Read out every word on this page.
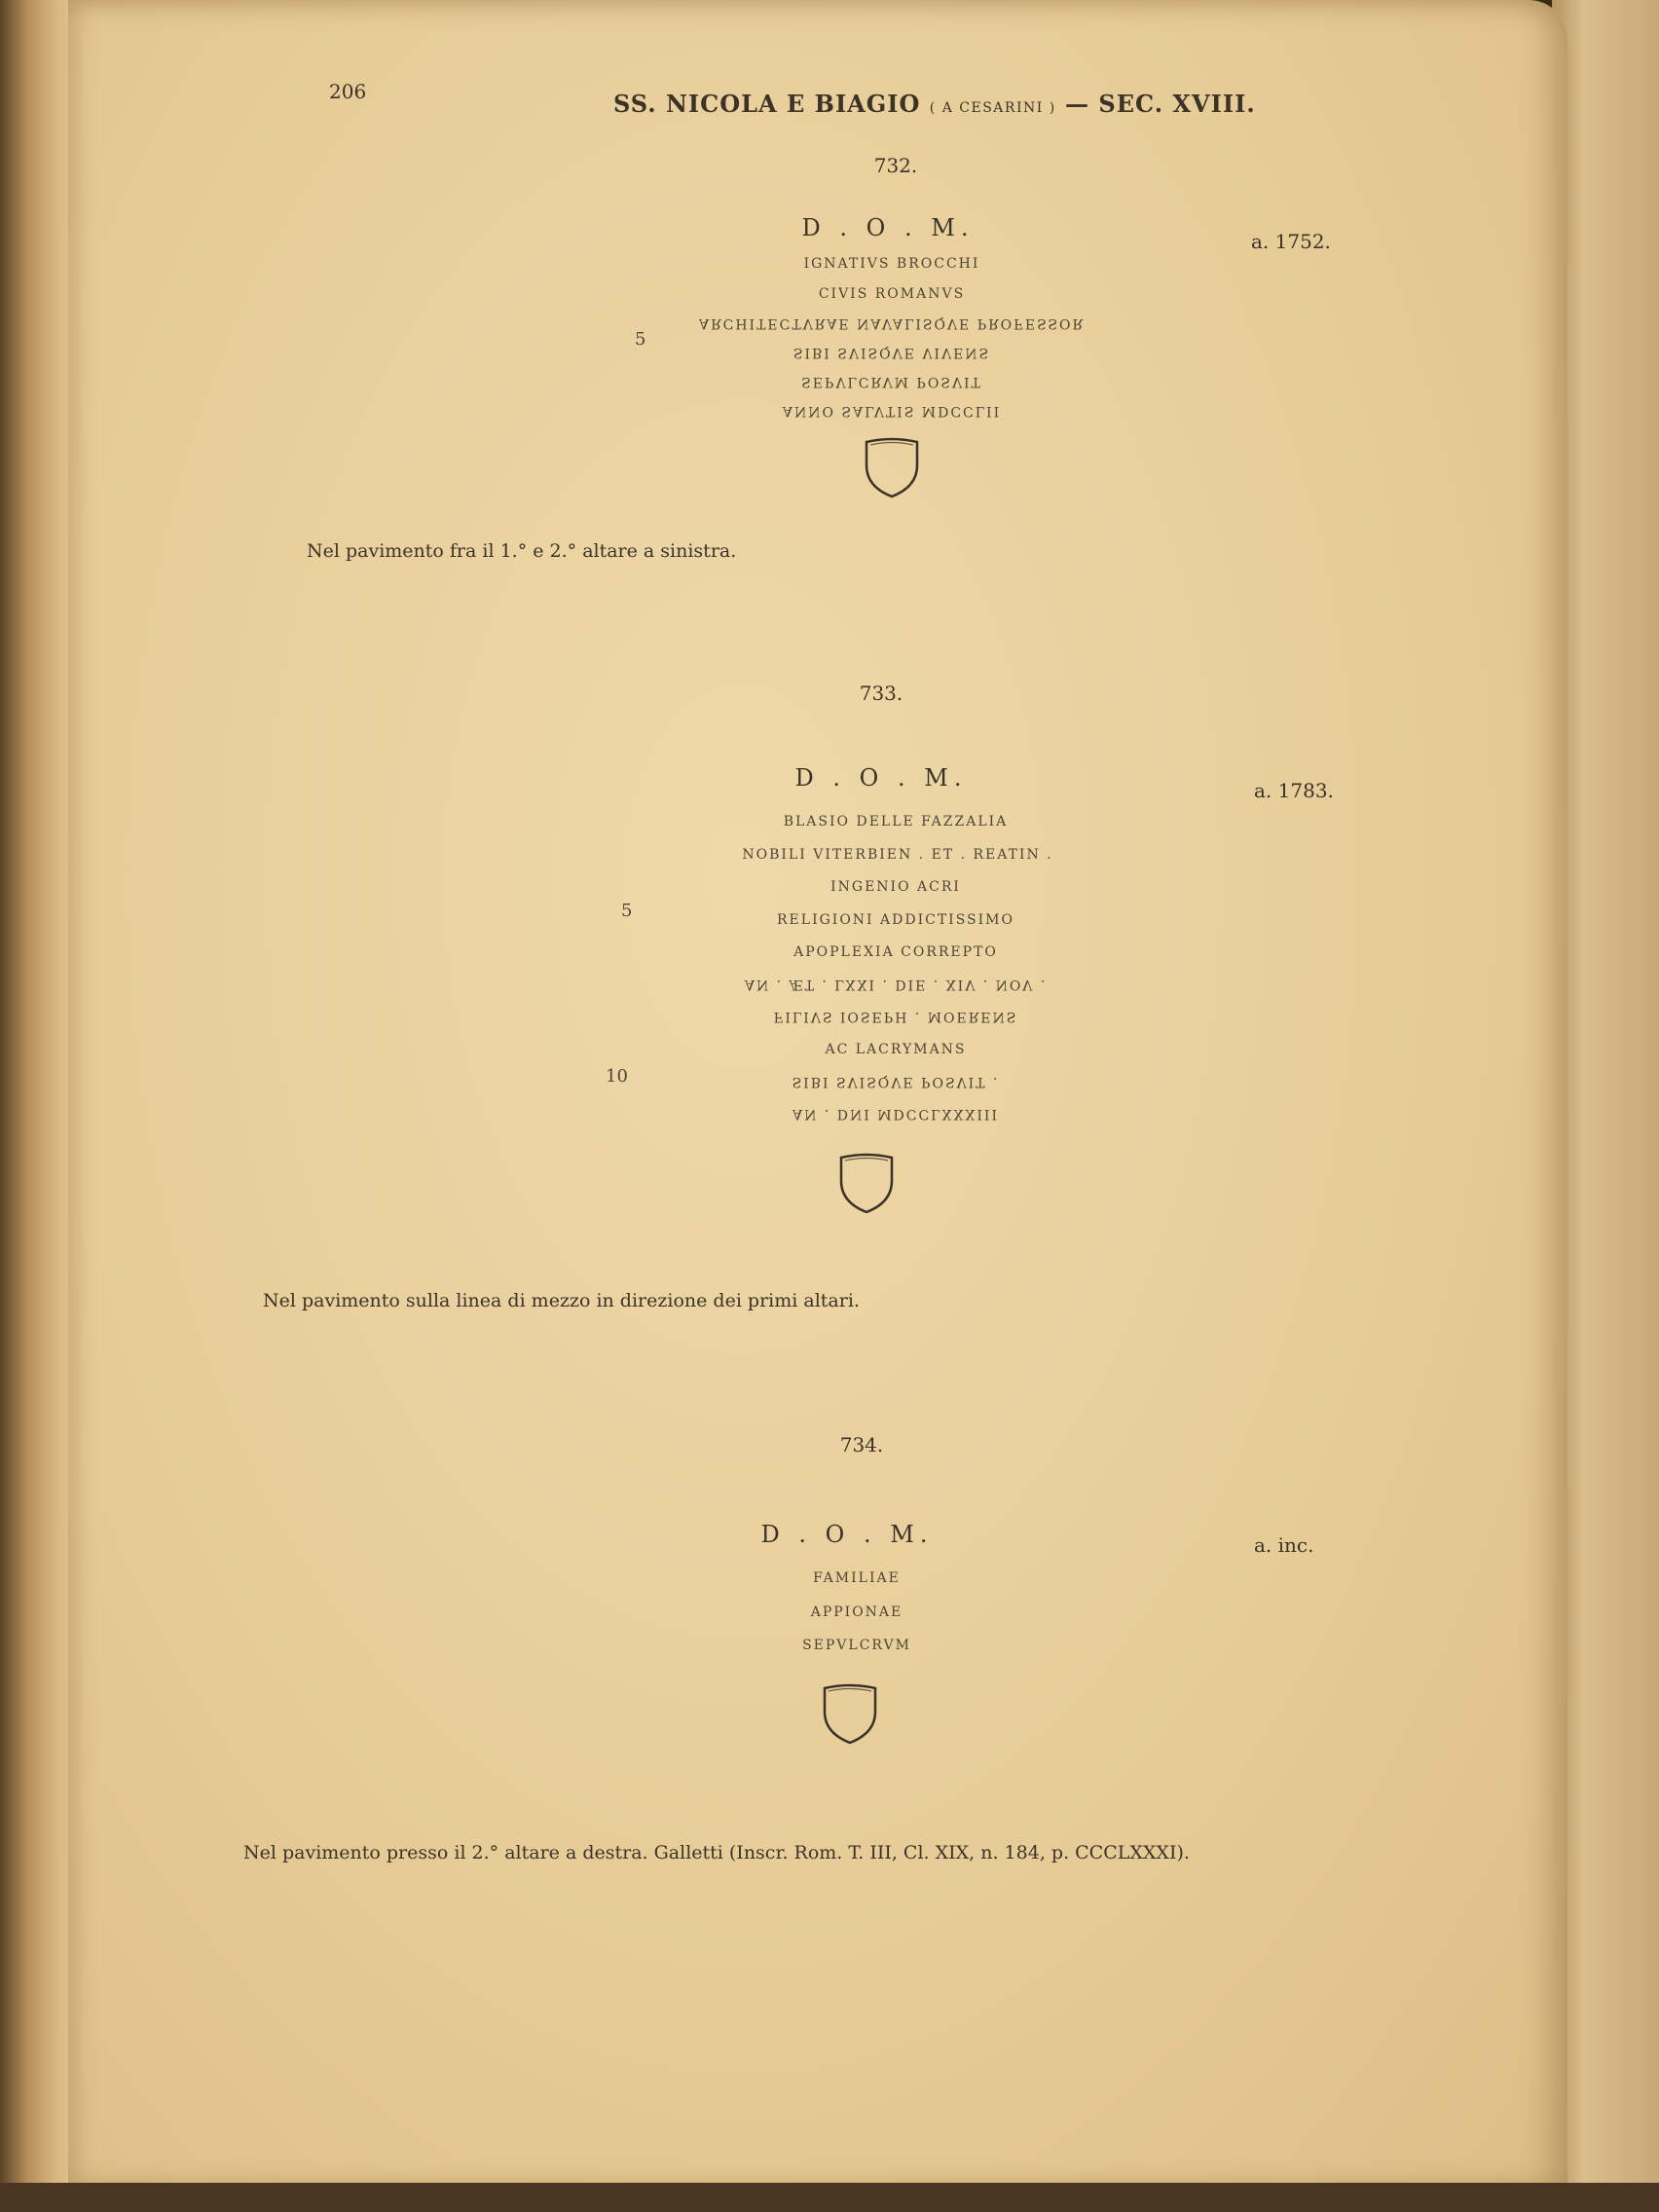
206	SS. NICOLA E BIAGIO ( A CESARINI ) — SEC. XVIII.
732.
D . O . M.	a. 1752.
IGNATIVS BROCCHI
CIVIS ROMANVS
ARCHITECTVRAE NAVALISQVE PROFESSOR
5
SIBI SVISQVE VIVENS
SEPVLCRVM POSVIT
ANNO SALVTIS MDCCLII
Nel pavimento fra il 1.° e 2.° altare a sinistra.
733.
D . O . M.	a. 1783.
BLASIO DELLE FAZZALIA
NOBILI VITERBIEN . ET . REATIN .
INGENIO ACRI
5	RELIGIONI ADDICTISSIMO
APOPLEXIA CORREPTO
AN . ÆT . LXXI . DIE . XIV . NOV .
FILIVS IOSEPH . MOERENS
AC LACRYMANS
10	SIBI SVISQVE POSVIT .
AN . DNI MDCCLXXXIII
Nel pavimento sulla linea di mezzo in direzione dei primi altari.
734.
D . O . M.	a. inc.
FAMILIAE
APPIONAE
SEPVLCRVM
Nel pavimento presso il 2.° altare a destra. Galletti (Inscr. Rom. T. III, Cl. XIX, n. 184, p. CCCLXXXI).
